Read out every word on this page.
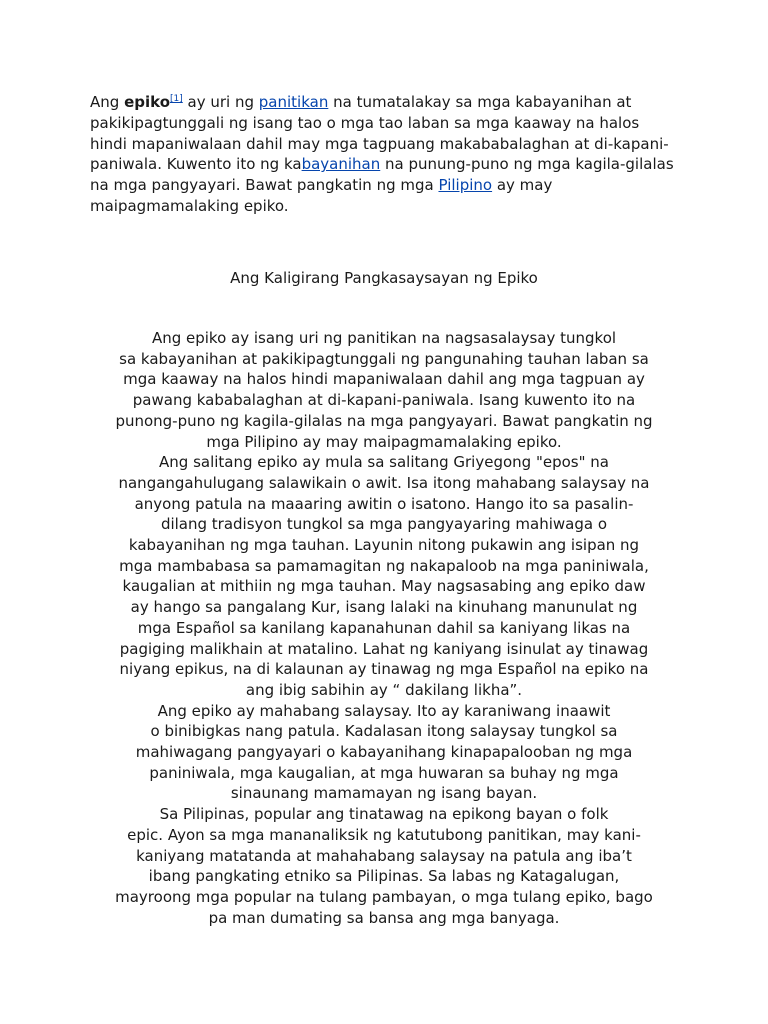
Ang epiko[1] ay uri ng panitikan na tumatalakay sa mga kabayanihan at
pakikipagtunggali ng isang tao o mga tao laban sa mga kaaway na halos
hindi mapaniwalaan dahil may mga tagpuang makababalaghan at di-kapani-
paniwala. Kuwento ito ng kabayanihan na punung-puno ng mga kagila-gilalas
na mga pangyayari. Bawat pangkatin ng mga Pilipino ay may
maipagmamalaking epiko.

Ang Kaligirang Pangkasaysayan ng Epiko
Ang epiko ay isang uri ng panitikan na nagsasalaysay tungkol
sa kabayanihan at pakikipagtunggali ng pangunahing tauhan laban sa
mga kaaway na halos hindi mapaniwalaan dahil ang mga tagpuan ay
pawang kababalaghan at di-kapani-paniwala. Isang kuwento ito na
punong-puno ng kagila-gilalas na mga pangyayari. Bawat pangkatin ng
mga Pilipino ay may maipagmamalaking epiko.
Ang salitang epiko ay mula sa salitang Griyegong "epos" na
nangangahulugang salawikain o awit. Isa itong mahabang salaysay na
anyong patula na maaaring awitin o isatono. Hango ito sa pasalin-
dilang tradisyon tungkol sa mga pangyayaring mahiwaga o
kabayanihan ng mga tauhan. Layunin nitong pukawin ang isipan ng
mga mambabasa sa pamamagitan ng nakapaloob na mga paniniwala,
kaugalian at mithiin ng mga tauhan. May nagsasabing ang epiko daw
ay hango sa pangalang Kur, isang lalaki na kinuhang manunulat ng
mga Español sa kanilang kapanahunan dahil sa kaniyang likas na
pagiging malikhain at matalino. Lahat ng kaniyang isinulat ay tinawag
niyang epikus, na di kalaunan ay tinawag ng mga Español na epiko na
ang ibig sabihin ay “ dakilang likha”.
Ang epiko ay mahabang salaysay. Ito ay karaniwang inaawit
o binibigkas nang patula. Kadalasan itong salaysay tungkol sa
mahiwagang pangyayari o kabayanihang kinapapalooban ng mga
paniniwala, mga kaugalian, at mga huwaran sa buhay ng mga
sinaunang mamamayan ng isang bayan.
Sa Pilipinas, popular ang tinatawag na epikong bayan o folk
epic. Ayon sa mga mananaliksik ng katutubong panitikan, may kani-
kaniyang matatanda at mahahabang salaysay na patula ang iba’t
ibang pangkating etniko sa Pilipinas. Sa labas ng Katagalugan,
mayroong mga popular na tulang pambayan, o mga tulang epiko, bago
pa man dumating sa bansa ang mga banyaga.
